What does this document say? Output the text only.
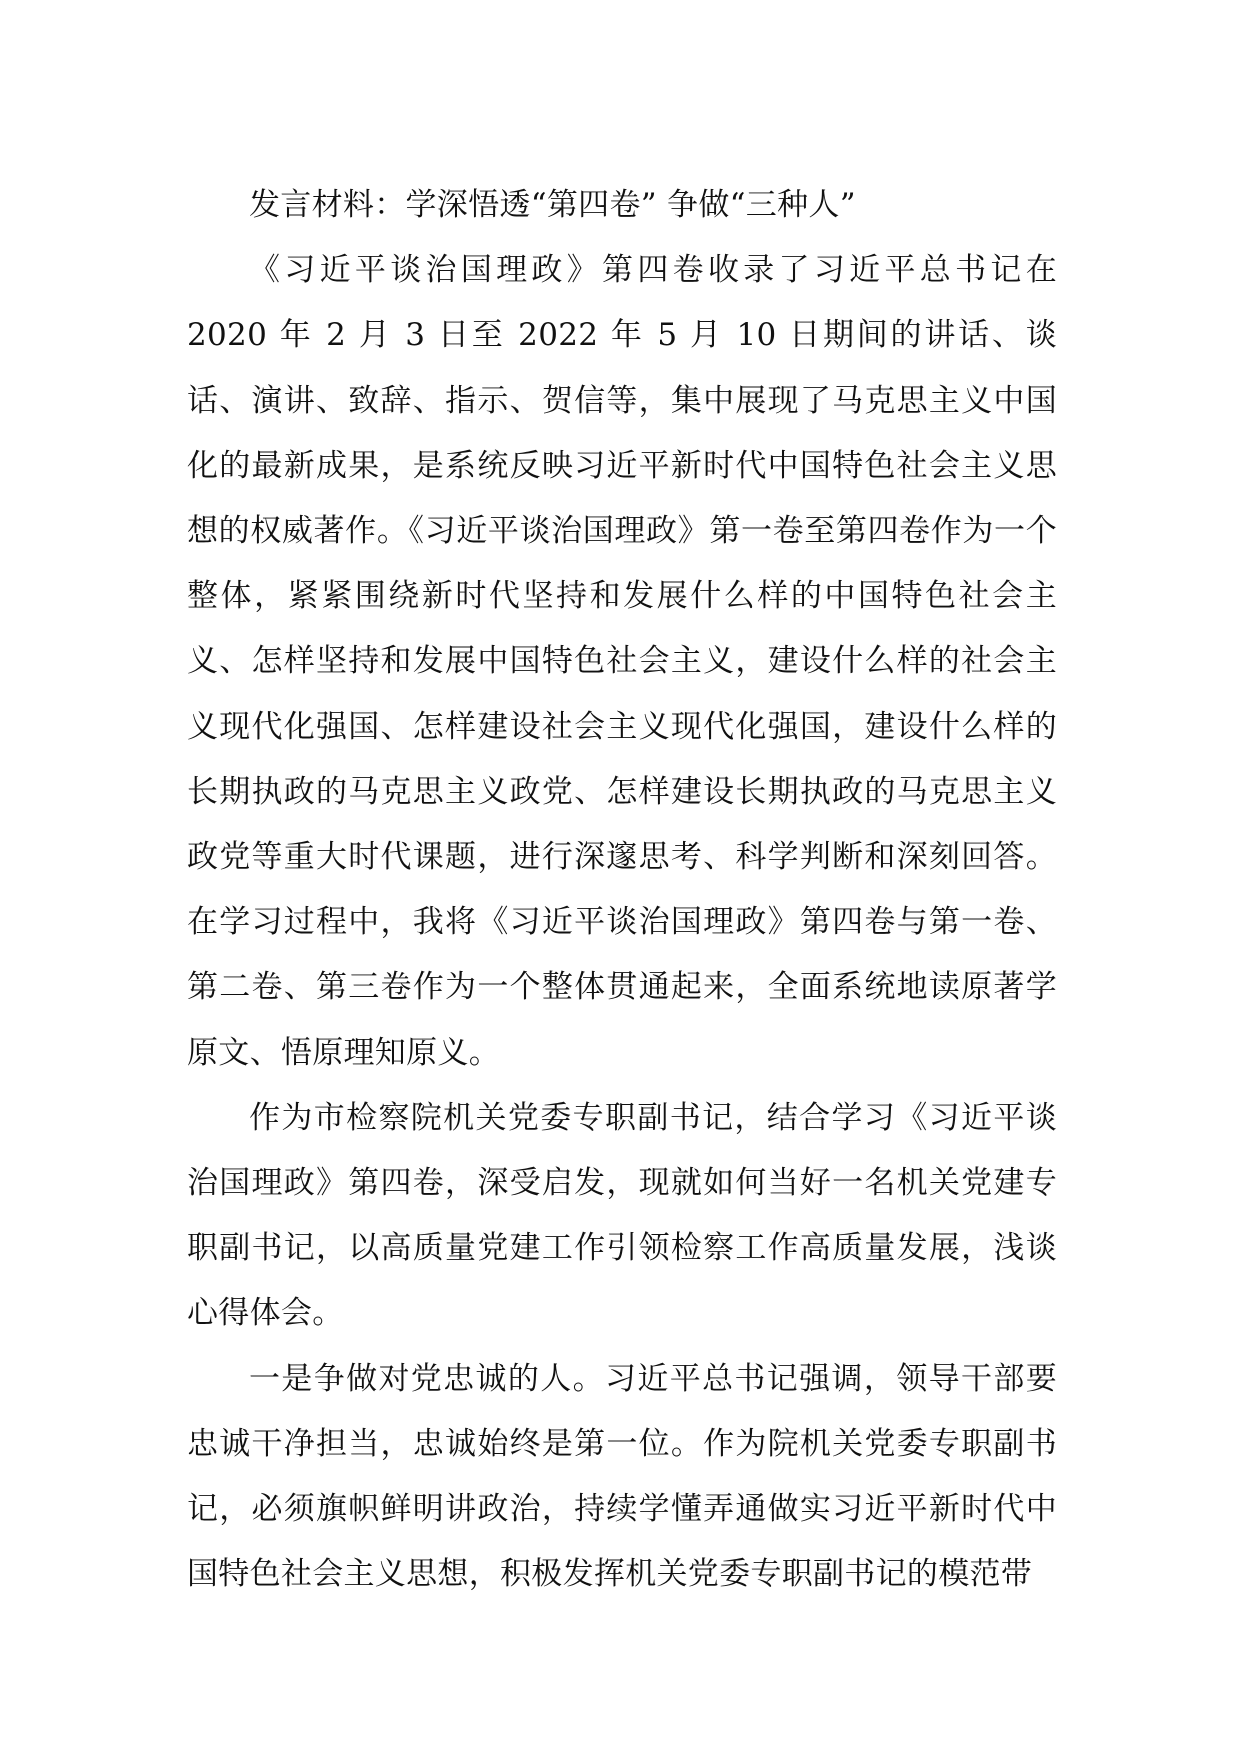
发言材料：学深悟透“第四卷” 争做“三种人”

《习近平谈治国理政》第四卷收录了习近平总书记在 2020 年 2 月 3 日至 2022 年 5 月 10 日期间的讲话、谈话、演讲、致辞、指示、贺信等，集中展现了马克思主义中国化的最新成果，是系统反映习近平新时代中国特色社会主义思想的权威著作。《习近平谈治国理政》第一卷至第四卷作为一个整体，紧紧围绕新时代坚持和发展什么样的中国特色社会主义、怎样坚持和发展中国特色社会主义，建设什么样的社会主义现代化强国、怎样建设社会主义现代化强国，建设什么样的长期执政的马克思主义政党、怎样建设长期执政的马克思主义政党等重大时代课题，进行深邃思考、科学判断和深刻回答。在学习过程中，我将《习近平谈治国理政》第四卷与第一卷、第二卷、第三卷作为一个整体贯通起来，全面系统地读原著学原文、悟原理知原义。

作为市检察院机关党委专职副书记，结合学习《习近平谈治国理政》第四卷，深受启发，现就如何当好一名机关党建专职副书记，以高质量党建工作引领检察工作高质量发展，浅谈心得体会。

一是争做对党忠诚的人。习近平总书记强调，领导干部要忠诚干净担当，忠诚始终是第一位。作为院机关党委专职副书记，必须旗帜鲜明讲政治，持续学懂弄通做实习近平新时代中国特色社会主义思想，积极发挥机关党委专职副书记的模范带
